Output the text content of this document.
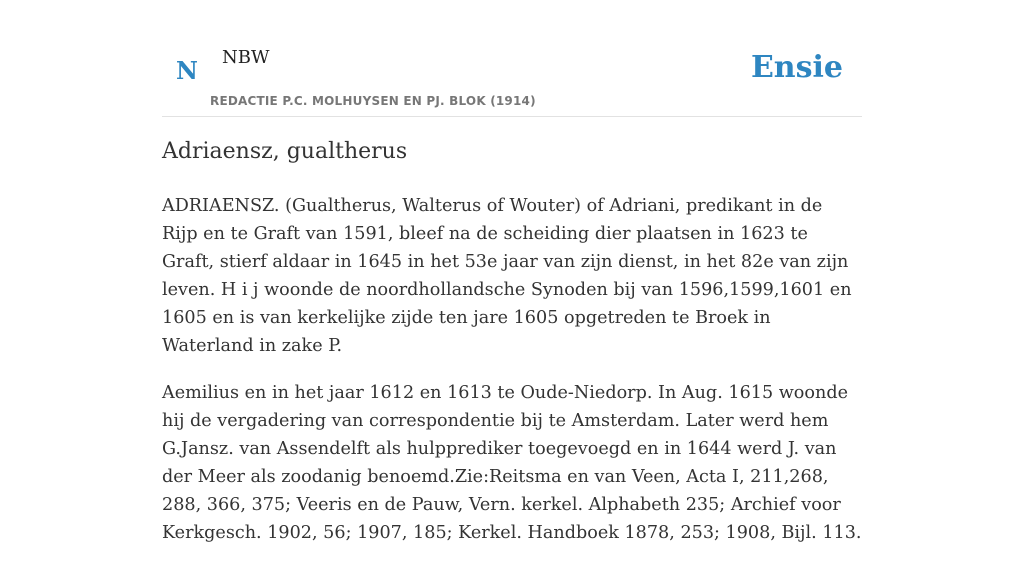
N NBW
REDACTIE P.C. MOLHUYSEN EN PJ. BLOK (1914)
Ensie
Adriaensz, gualtherus

ADRIAENSZ. (Gualtherus, Walterus of Wouter) of Adriani, predikant in de Rijp en te Graft van 1591, bleef na de scheiding dier plaatsen in 1623 te Graft, stierf aldaar in 1645 in het 53e jaar van zijn dienst, in het 82e van zijn leven. H i j woonde de noordhollandsche Synoden bij van 1596,1599,1601 en 1605 en is van kerkelijke zijde ten jare 1605 opgetreden te Broek in Waterland in zake P.

Aemilius en in het jaar 1612 en 1613 te Oude-Niedorp. In Aug. 1615 woonde hij de vergadering van correspondentie bij te Amsterdam. Later werd hem G.Jansz. van Assendelft als hulpprediker toegevoegd en in 1644 werd J. van der Meer als zoodanig benoemd.Zie:Reitsma en van Veen, Acta I, 211,268, 288, 366, 375; Veeris en de Pauw, Vern. kerkel. Alphabeth 235; Archief voor Kerkgesch. 1902, 56; 1907, 185; Kerkel. Handboek 1878, 253; 1908, Bijl. 113.
